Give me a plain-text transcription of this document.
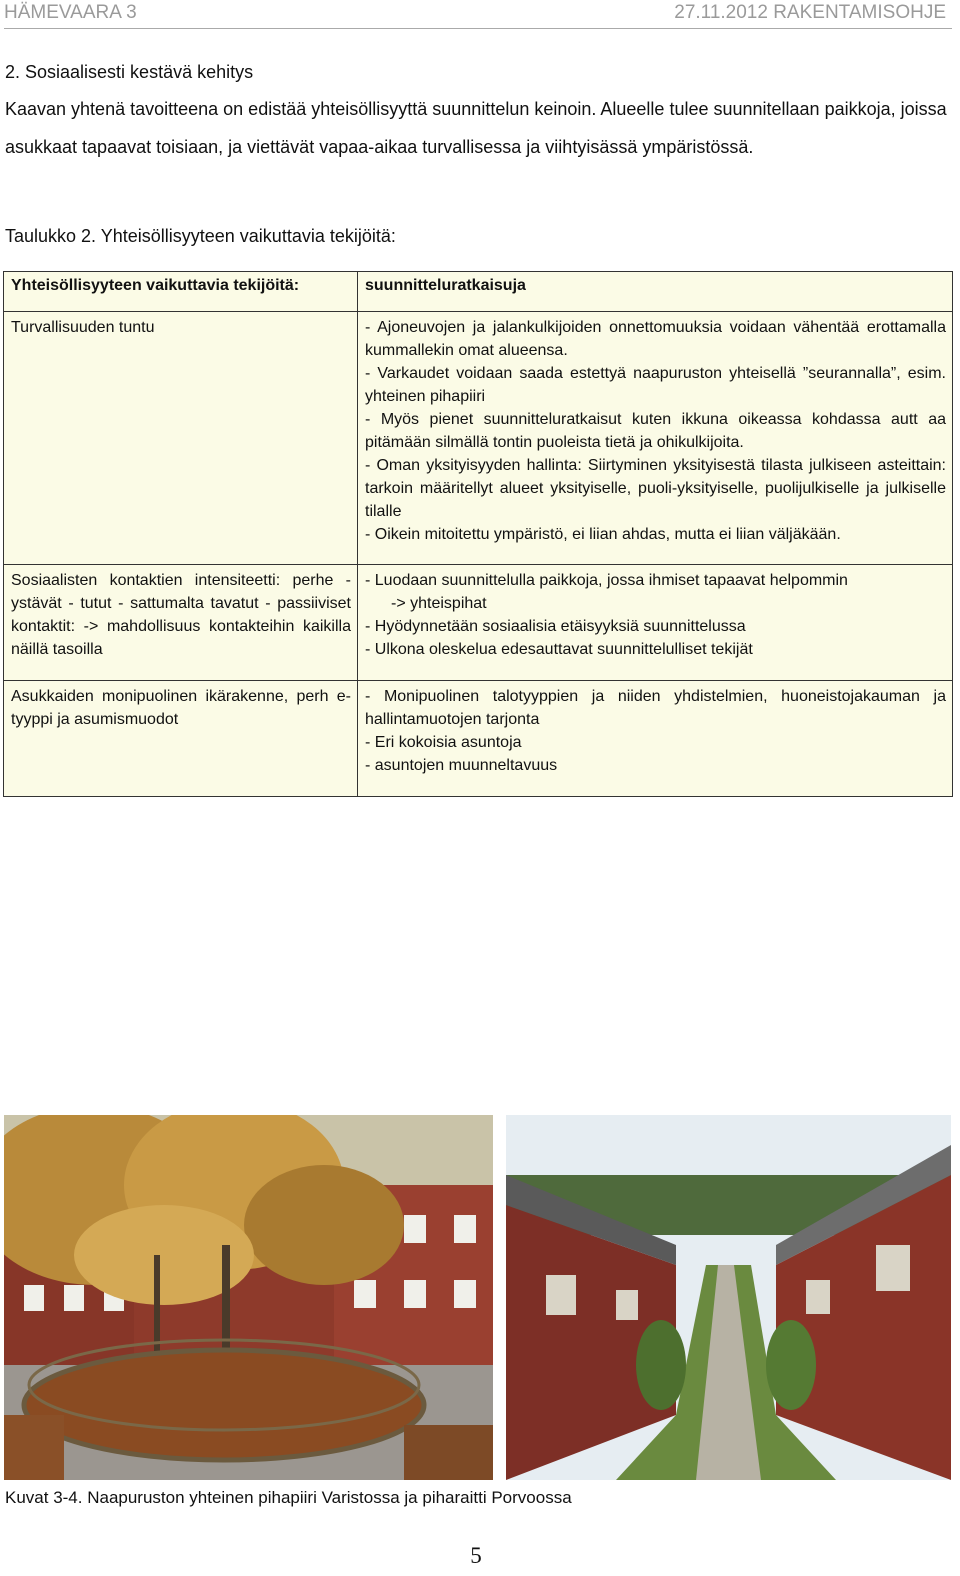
HÄMEVAARA 3	27.11.2012 RAKENTAMISOHJE
2. Sosiaalisesti kestävä kehitys
Kaavan yhtenä tavoitteena on edistää yhteisöllisyyttä suunnittelun keinoin. Alueelle tulee suunnitellaan paikkoja, joissa asukkaat tapaavat toisiaan, ja viettävät vapaa-aikaa turvallisessa ja viihtyisässä ympäristössä.
Taulukko 2. Yhteisöllisyyteen vaikuttavia tekijöitä:
Yhteisöllisyyteen vaikuttavia tekijöitä:	suunnitteluratkaisuja

Turvallisuuden tuntu	- Ajoneuvojen ja jalankulkijoiden onnettomuuksia voidaan vähentää erottamalla kummallekin omat alueensa.
- Varkaudet voidaan saada estettyä naapuruston yhteisellä ”seurannalla”, esim. yhteinen pihapiiri
- Myös pienet suunnitteluratkaisut kuten ikkuna oikeassa kohdassa autt aa pitämään silmällä tontin puoleista tietä ja ohikulkijoita.
- Oman yksityisyyden hallinta: Siirtyminen yksityisestä tilasta julkiseen asteittain: tarkoin määritellyt alueet yksityiselle, puoli-yksityiselle, puolijulkiselle ja julkiselle tilalle
- Oikein mitoitettu ympäristö, ei liian ahdas, mutta ei liian väljäkään.

Sosiaalisten kontaktien intensiteetti: perhe - ystävät - tutut - sattumalta tavatut - passiiviset kontaktit: -> mahdollisuus kontakteihin kaikilla näillä tasoilla	- Luodaan suunnittelulla paikkoja, jossa ihmiset tapaavat helpommin
-> yhteispihat
- Hyödynnetään sosiaalisia etäisyyksiä suunnittelussa
- Ulkona oleskelua edesauttavat suunnittelulliset tekijät

Asukkaiden monipuolinen ikärakenne, perh e-tyyppi ja asumismuodot	- Monipuolinen talotyyppien ja niiden yhdistelmien, huoneistojakauman ja hallintamuotojen tarjonta
- Eri kokoisia asuntoja
- asuntojen muunneltavuus
Kuvat 3-4. Naapuruston yhteinen pihapiiri Varistossa ja piharaitti Porvoossa
5
